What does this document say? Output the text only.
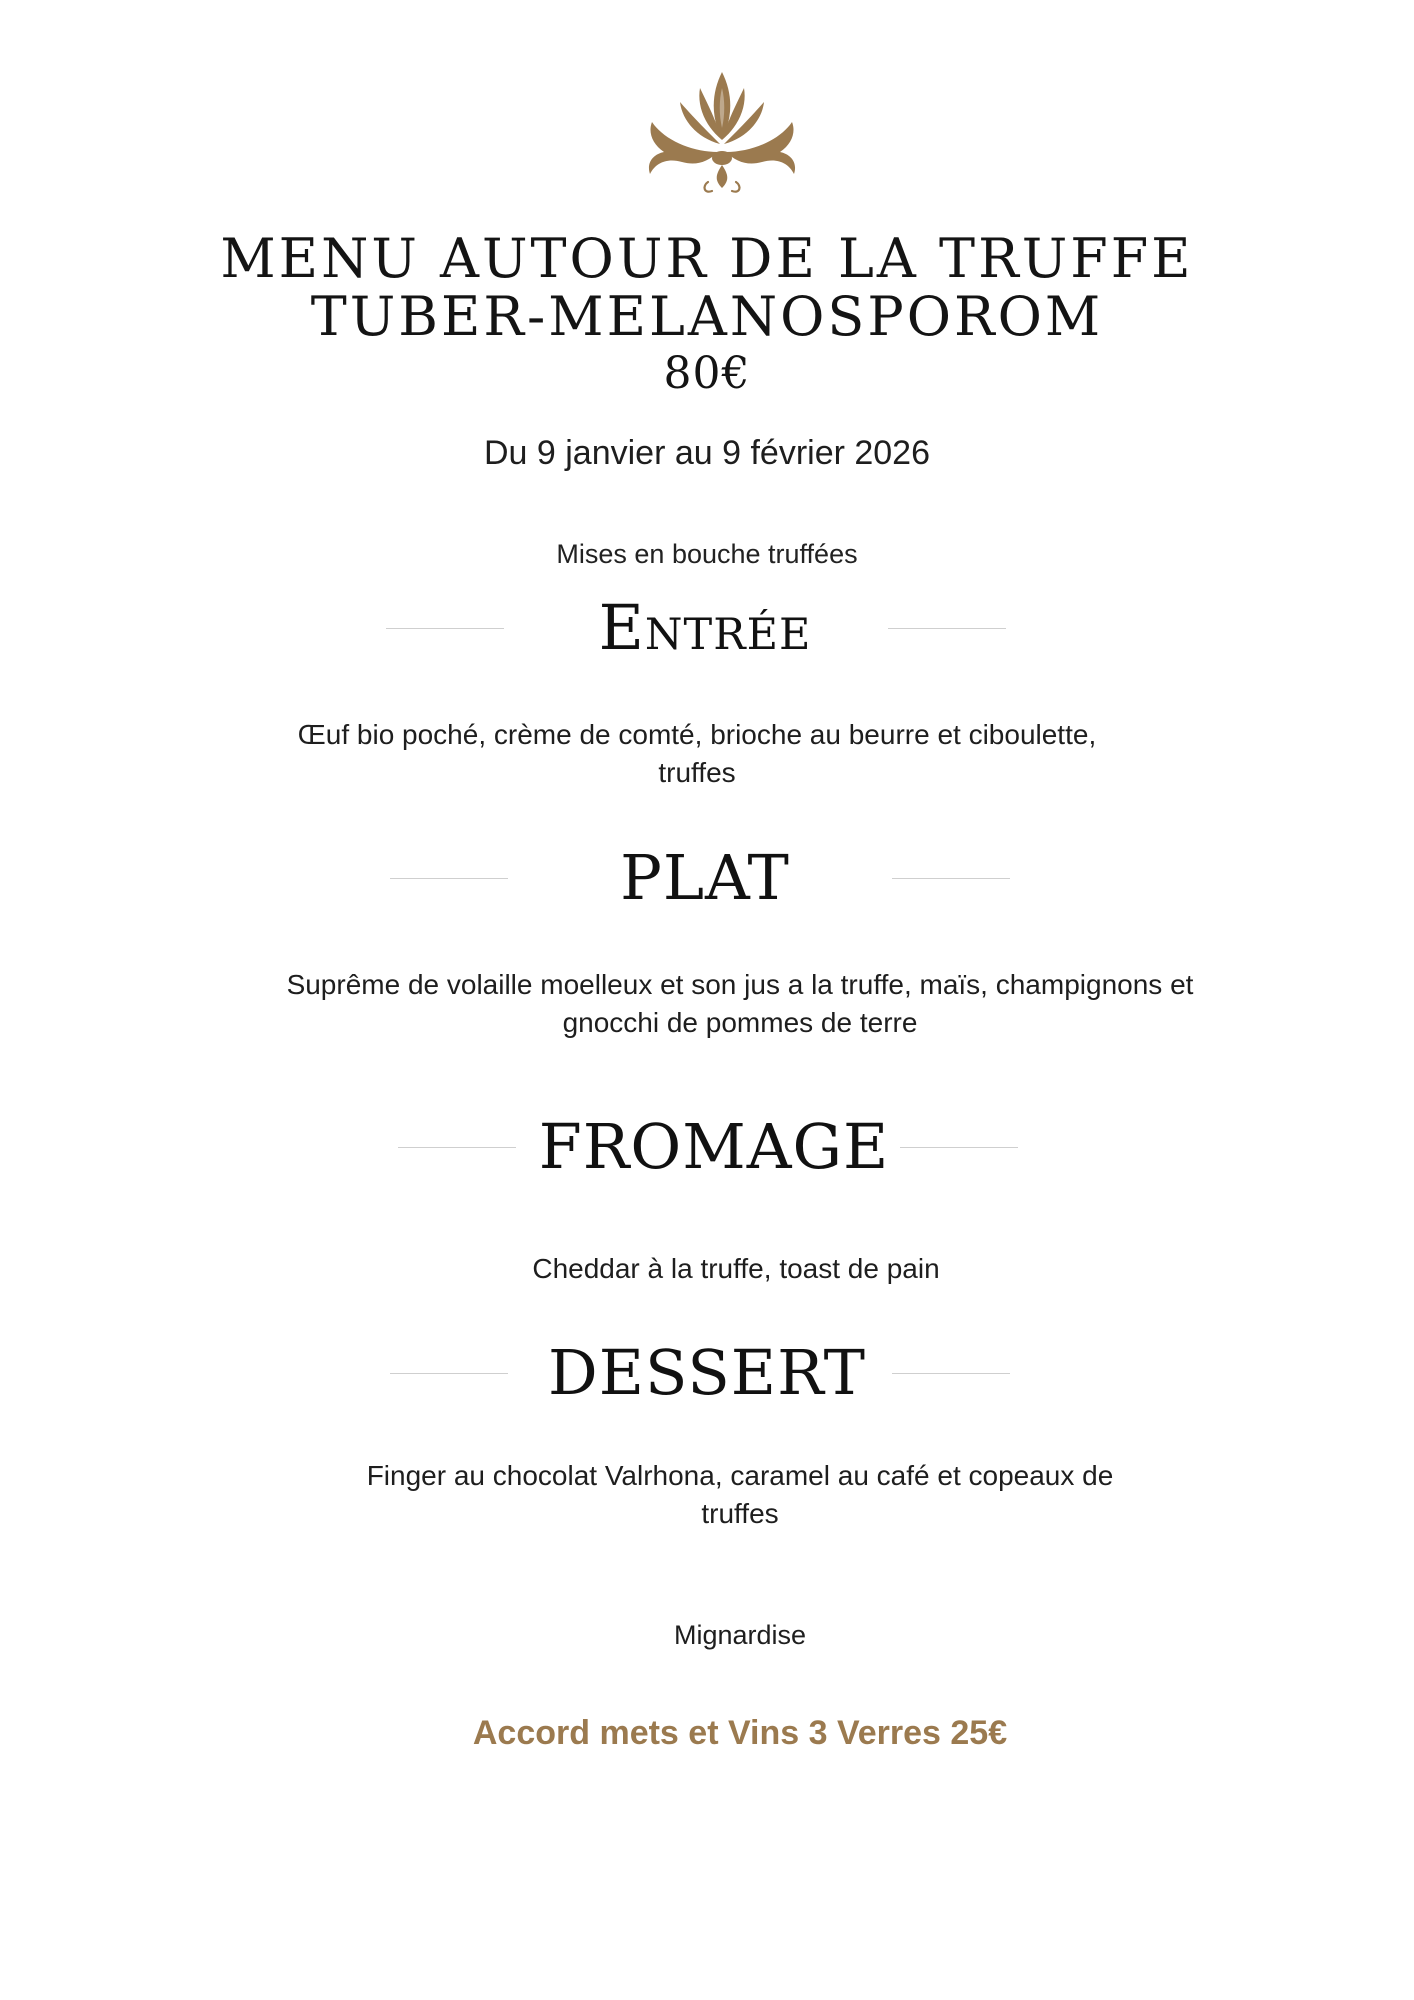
MENU AUTOUR DE LA TRUFFE
TUBER-MELANOSPOROM
80€
Du 9 janvier au 9 février 2026
Mises en bouche truffées
Entrée
Œuf bio poché, crème de comté, brioche au beurre et ciboulette,
truffes
PLAT
Suprême de volaille moelleux et son jus a la truffe, maïs, champignons et
gnocchi de pommes de terre
FROMAGE
Cheddar à la truffe, toast de pain
DESSERT
Finger au chocolat Valrhona, caramel au café et copeaux de
truffes
Mignardise
Accord mets et Vins 3 Verres 25€
